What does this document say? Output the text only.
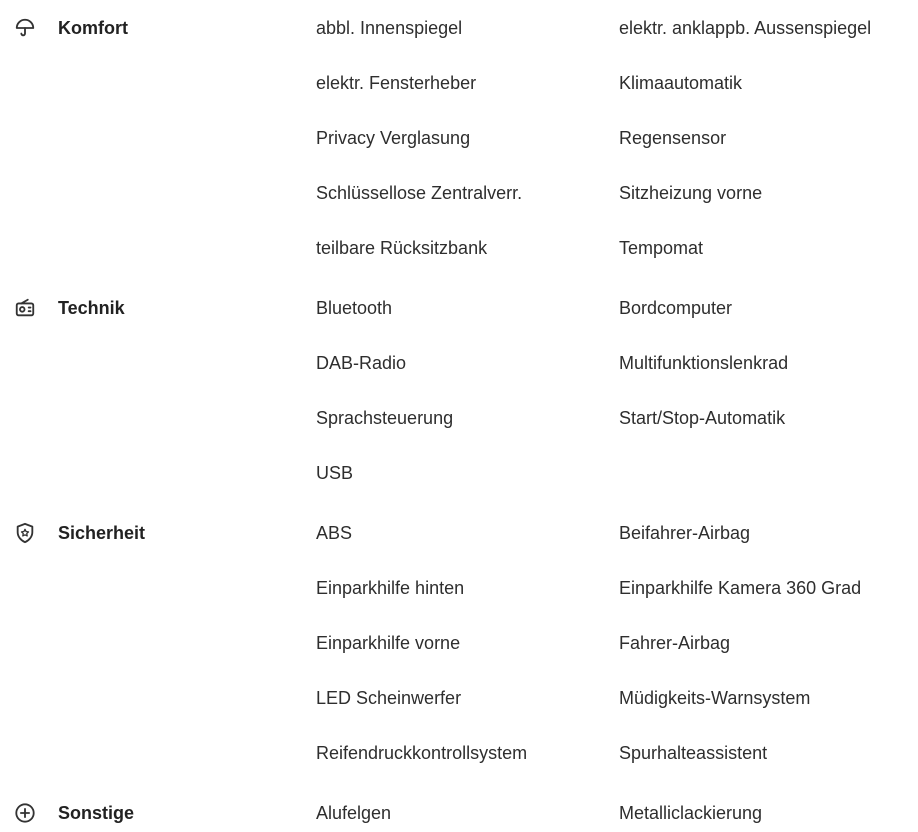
Komfort	abbl. Innenspiegel	elektr. anklappb. Aussenspiegel
elektr. Fensterheber	Klimaautomatik
Privacy Verglasung	Regensensor
Schlüssellose Zentralverr.	Sitzheizung vorne
teilbare Rücksitzbank	Tempomat
Technik	Bluetooth	Bordcomputer
DAB-Radio	Multifunktionslenkrad
Sprachsteuerung	Start/Stop-Automatik
USB
Sicherheit	ABS	Beifahrer-Airbag
Einparkhilfe hinten	Einparkhilfe Kamera 360 Grad
Einparkhilfe vorne	Fahrer-Airbag
LED Scheinwerfer	Müdigkeits-Warnsystem
Reifendruckkontrollsystem	Spurhalteassistent
Sonstige	Alufelgen	Metalliclackierung
